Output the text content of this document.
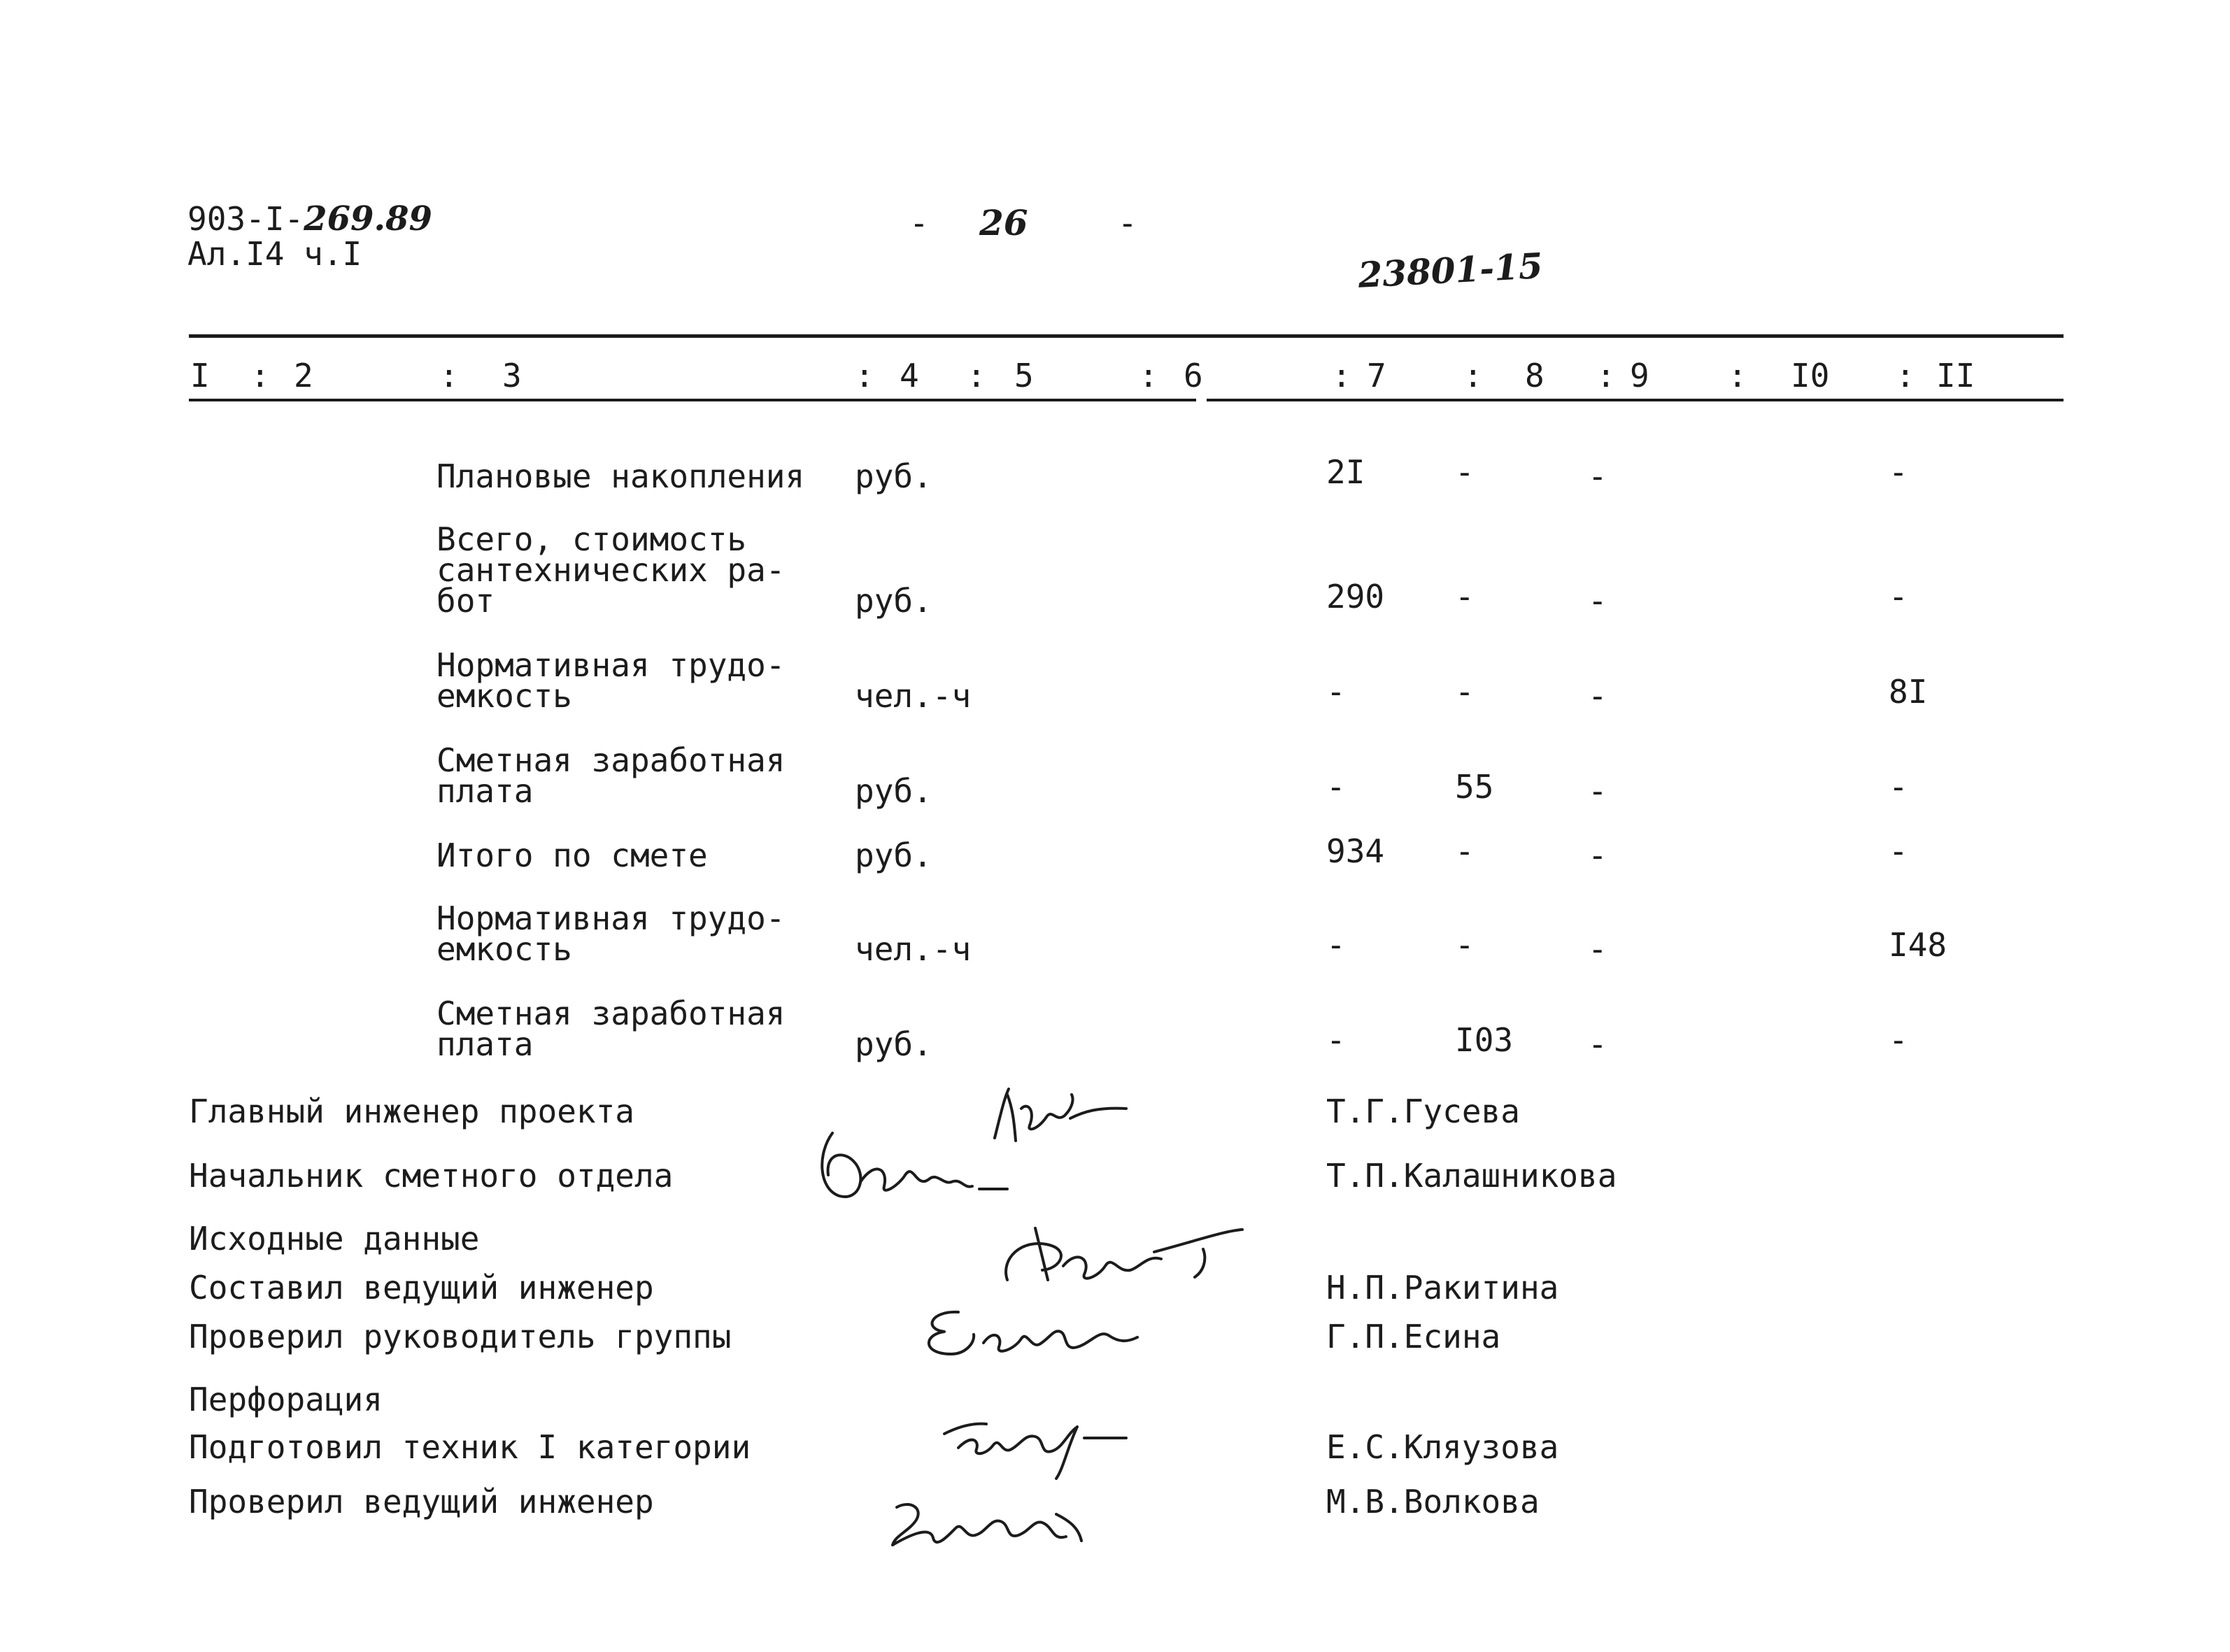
903-I-269.89
Ал.I4 ч.I
- 26	-
23801-15
I : 2	: 3	: 4 : 5	: 6	: 7 : 8 : 9 : I0 : II
Плановые накопления руб.	2I	-	-	-
Всего, стоимость
сантехнических ра-
бот	руб.	290 -	-	-
Нормативная трудо-
емкость	чел.-ч	-	-	-	8I
Сметная заработная
плата	руб.	-	55	-	-
Итого по смете	руб.	934 -	-	-
Нормативная трудо-
емкость	чел.-ч	-	-	-	I48
Сметная заработная
плата	руб.	-	I03 -	-
Главный инженер проекта	Т.Г.Гусева
Начальник сметного отдела	Т.П.Калашникова
Исходные данные
Составил ведущий инженер	Н.П.Ракитина
Проверил руководитель группы	Г.П.Есина
Перфорация
Подготовил техник I категории	Е.С.Кляузова
Проверил ведущий инженер	М.В.Волкова
